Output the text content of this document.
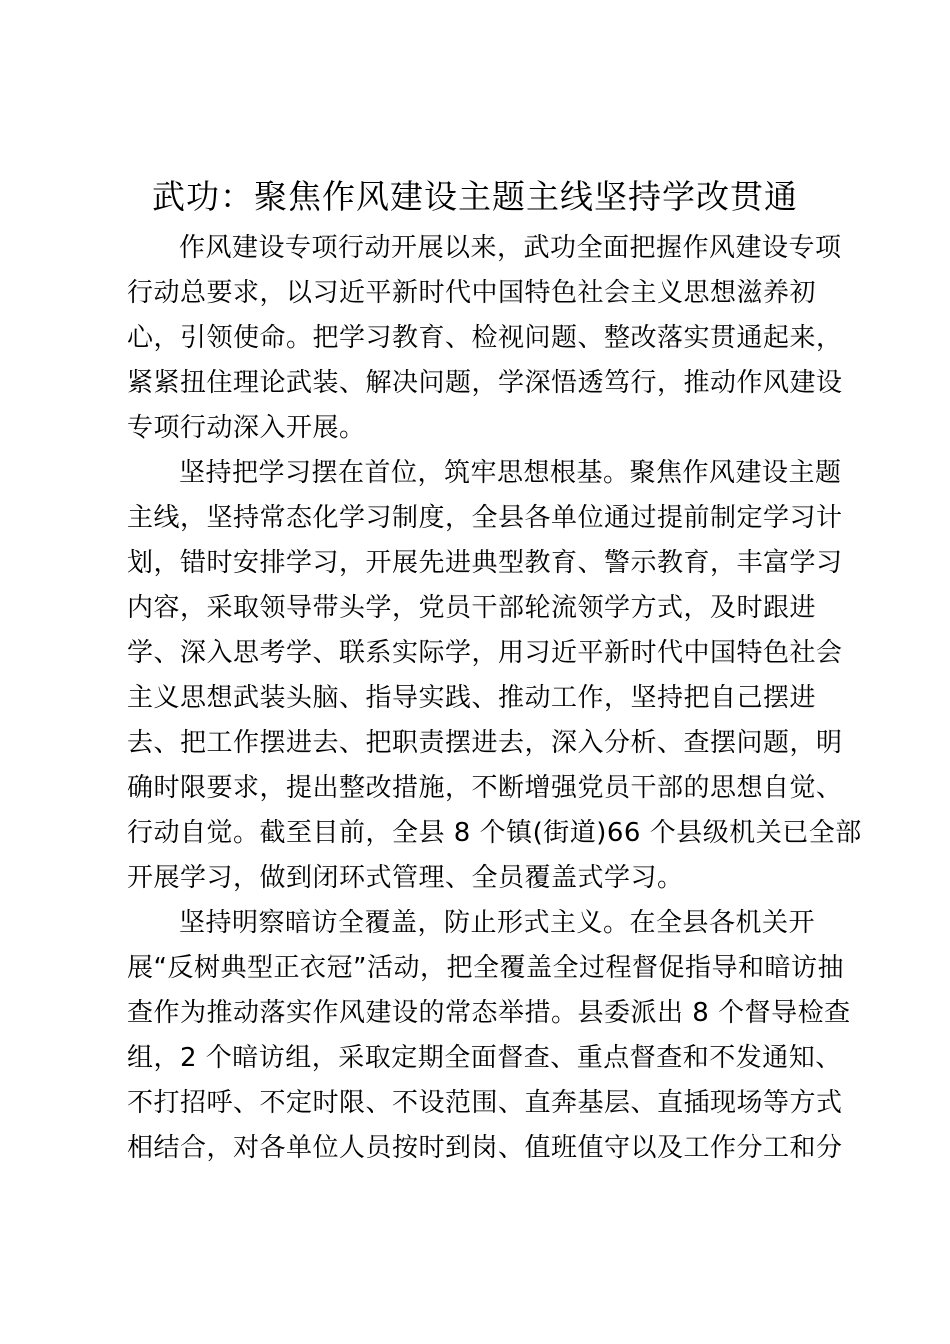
武功：聚焦作风建设主题主线坚持学改贯通
作风建设专项行动开展以来，武功全面把握作风建设专项
行动总要求，以习近平新时代中国特色社会主义思想滋养初
心，引领使命。把学习教育、检视问题、整改落实贯通起来，
紧紧扭住理论武装、解决问题，学深悟透笃行，推动作风建设
专项行动深入开展。
坚持把学习摆在首位，筑牢思想根基。聚焦作风建设主题
主线，坚持常态化学习制度，全县各单位通过提前制定学习计
划，错时安排学习，开展先进典型教育、警示教育，丰富学习
内容，采取领导带头学，党员干部轮流领学方式，及时跟进
学、深入思考学、联系实际学，用习近平新时代中国特色社会
主义思想武装头脑、指导实践、推动工作，坚持把自己摆进
去、把工作摆进去、把职责摆进去，深入分析、查摆问题，明
确时限要求，提出整改措施，不断增强党员干部的思想自觉、
行动自觉。截至目前，全县 8 个镇(街道)66 个县级机关已全部
开展学习，做到闭环式管理、全员覆盖式学习。
坚持明察暗访全覆盖，防止形式主义。在全县各机关开
展“反树典型正衣冠”活动，把全覆盖全过程督促指导和暗访抽
查作为推动落实作风建设的常态举措。县委派出 8 个督导检查
组，2 个暗访组，采取定期全面督查、重点督查和不发通知、
不打招呼、不定时限、不设范围、直奔基层、直插现场等方式
相结合，对各单位人员按时到岗、值班值守以及工作分工和分
